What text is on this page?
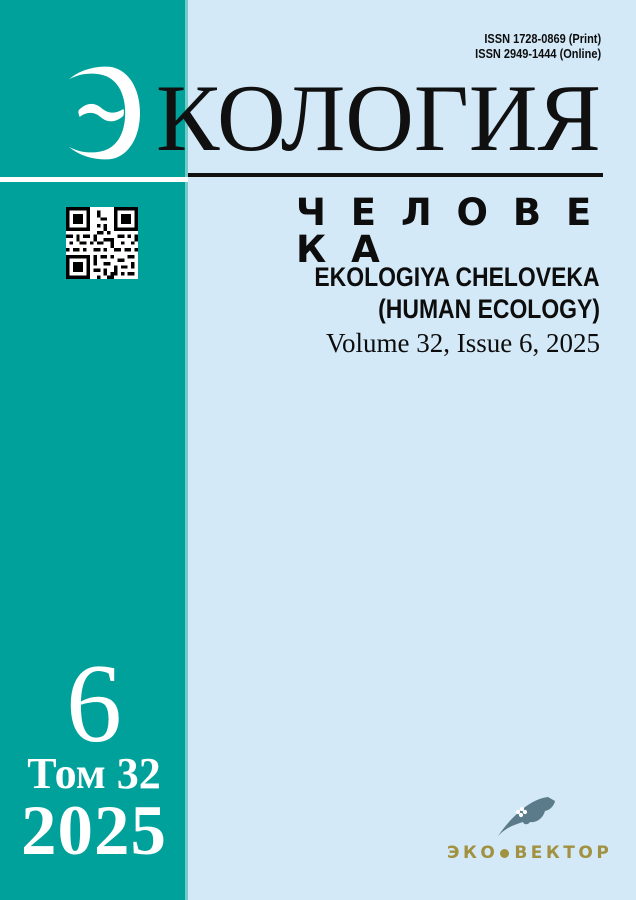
ISSN 1728-0869 (Print)
ISSN 2949-1444 (Online)
КОЛОГИЯ
Ч Е Л О В Е К А
EKOLOGIYA CHELOVEKA
(HUMAN ECOLOGY)
Volume 32, Issue 6, 2025
6
Том 32
2025	ЭКО ВЕКТОР
